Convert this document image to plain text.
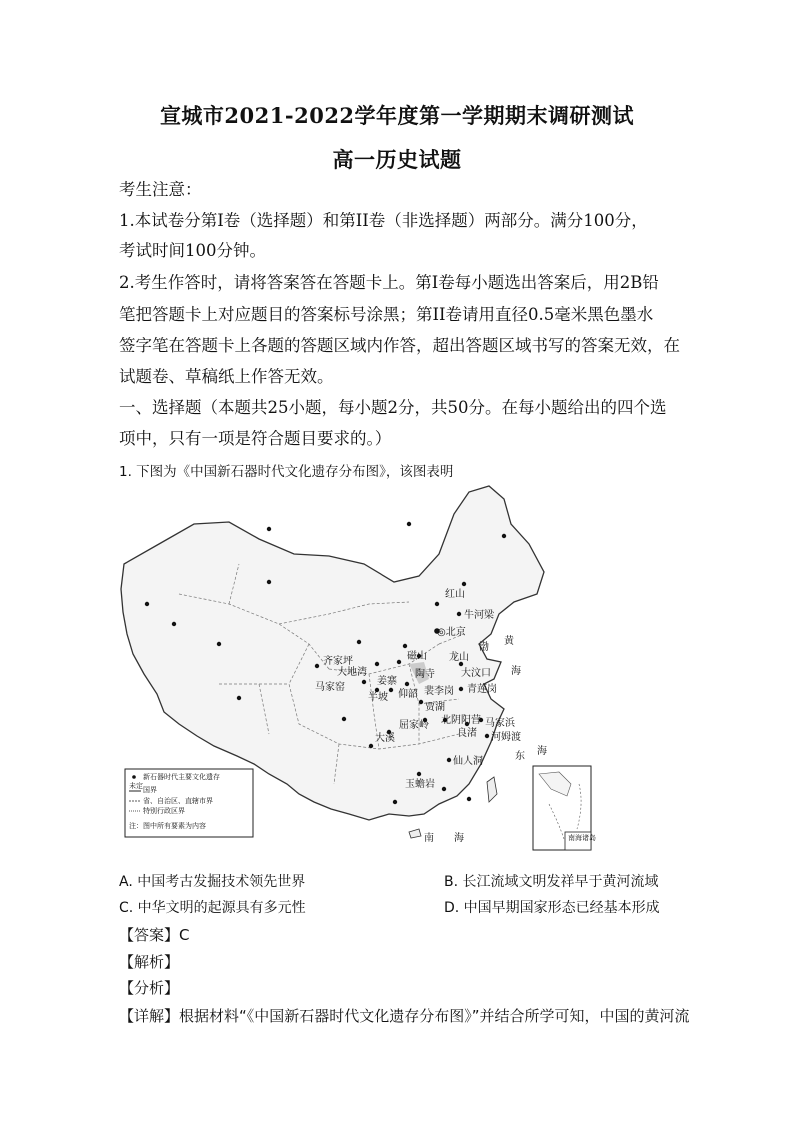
宣城市2021-2022学年度第一学期期末调研测试
高一历史试题
考生注意：
1.本试卷分第Ⅰ卷（选择题）和第II卷（非选择题）两部分。满分100分，
考试时间100分钟。
2.考生作答时，请将答案答在答题卡上。第Ⅰ卷每小题选出答案后，用2B铅
笔把答题卡上对应题目的答案标号涂黑；第II卷请用直径0.5毫米黑色墨水
签字笔在答题卡上各题的答题区域内作答，超出答题区域书写的答案无效，在
试题卷、草稿纸上作答无效。
一、选择题（本题共25小题，每小题2分，共50分。在每小题给出的四个选
项中，只有一项是符合题目要求的。）
1. 下图为《中国新石器时代文化遗存分布图》，该图表明
红山
牛河梁
◎北京
齐家坪
大地湾
磁山 龙山
大汶口
陶寺
马家窑
姜寨
半坡 仰韶 裴李岗 青莲岗
贾湖
北阴阳营
屈家岭
良渚
马家浜
大溪	河姆渡
仙人洞
玉蟾岩
黄
海
渤
东 海
南 海
新石器时代主要文化遗存
未定 国界
省、自治区、直辖市界
特别行政区界
注：图中所有要素为内容
南海诸岛
A. 中国考古发掘技术领先世界	B. 长江流域文明发祥早于黄河流域
C. 中华文明的起源具有多元性	D. 中国早期国家形态已经基本形成
【答案】C
【解析】
【分析】
【详解】根据材料“《中国新石器时代文化遗存分布图》”并结合所学可知，中国的黄河流
